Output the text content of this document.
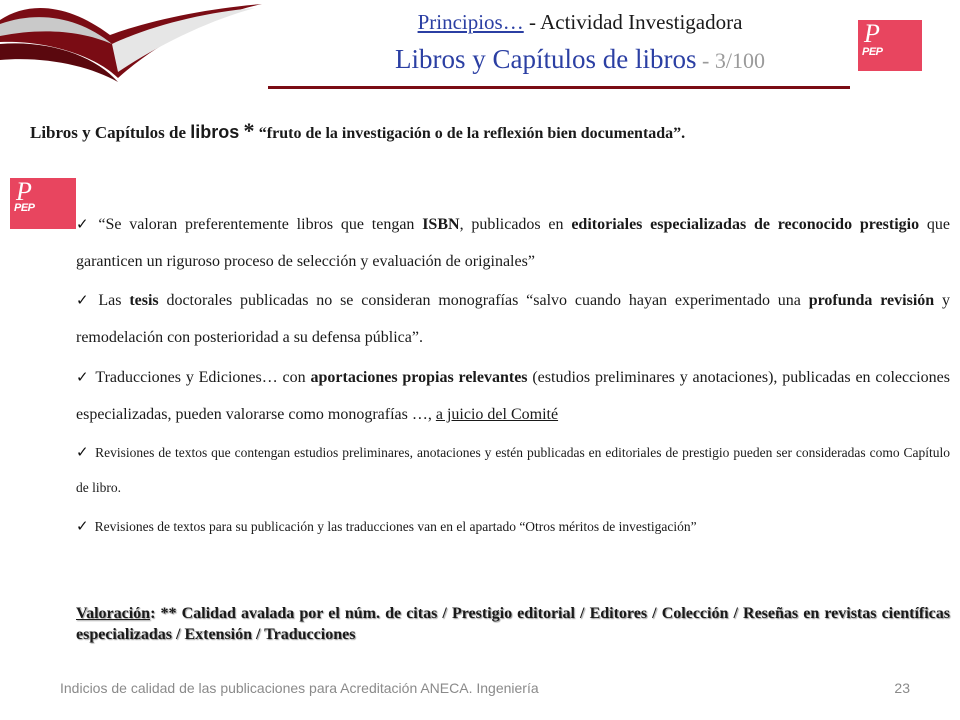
Principios… - Actividad Investigadora
Libros y Capítulos de libros - 3/100
P
PEP
P
PEP
Libros y Capítulos de libros * “fruto de la investigación o de la reflexión bien documentada”.
✓ “Se valoran preferentemente libros que tengan ISBN, publicados en editoriales especializadas de reconocido prestigio que garanticen un riguroso proceso de selección y evaluación de originales”
✓ Las tesis doctorales publicadas no se consideran monografías “salvo cuando hayan experimentado una profunda revisión y remodelación con posterioridad a su defensa pública”.
✓ Traducciones y Ediciones… con aportaciones propias relevantes (estudios preliminares y anotaciones), publicadas en colecciones especializadas, pueden valorarse como monografías …, a juicio del Comité
✓ Revisiones de textos que contengan estudios preliminares, anotaciones y estén publicadas en editoriales de prestigio pueden ser consideradas como Capítulo de libro.
✓ Revisiones de textos para su publicación y las traducciones van en el apartado “Otros méritos de investigación”
Valoración: ** Calidad avalada por el núm. de citas / Prestigio editorial / Editores / Colección / Reseñas en revistas científicas especializadas / Extensión / Traducciones
Indicios de calidad de las publicaciones para Acreditación ANECA. Ingeniería	23
